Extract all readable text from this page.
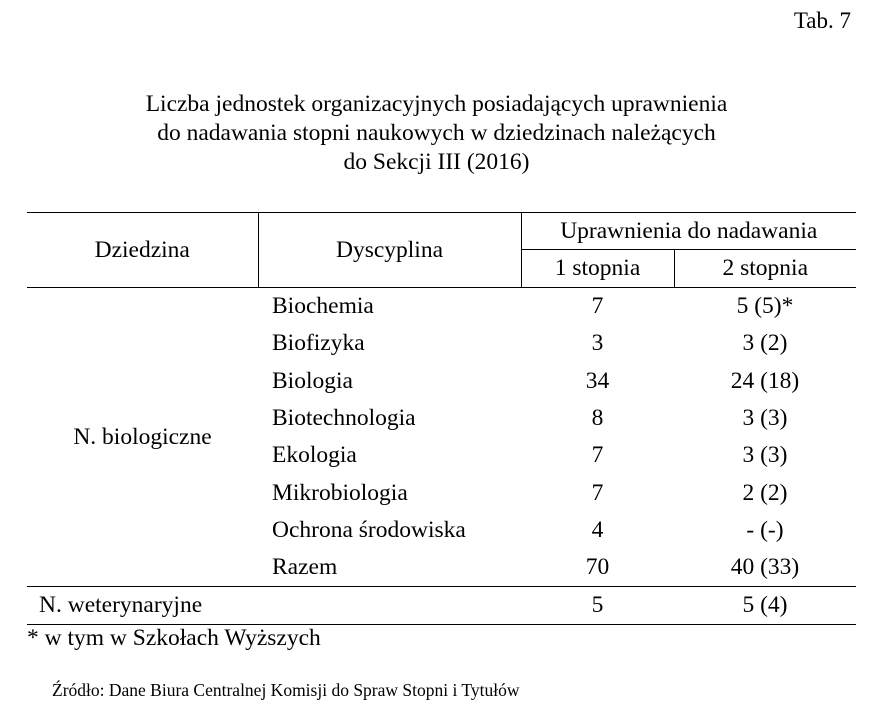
Tab. 7
Liczba jednostek organizacyjnych posiadających uprawnienia
do nadawania stopni naukowych w dziedzinach należących
do Sekcji III (2016)
Dziedzina	Dyscyplina	Uprawnienia do nadawania	
		1 stopnia	2 stopnia
N. biologiczne	Biochemia	7	5 (5)*
	Biofizyka	3	3 (2)
	Biologia	34	24 (18)
	Biotechnologia	8	3 (3)
	Ekologia	7	3 (3)
	Mikrobiologia	7	2 (2)
	Ochrona środowiska	4	- (-)
	Razem	70	40 (33)
N. weterynaryjne		5	5 (4)
* w tym w Szkołach Wyższych
Źródło: Dane Biura Centralnej Komisji do Spraw Stopni i Tytułów
